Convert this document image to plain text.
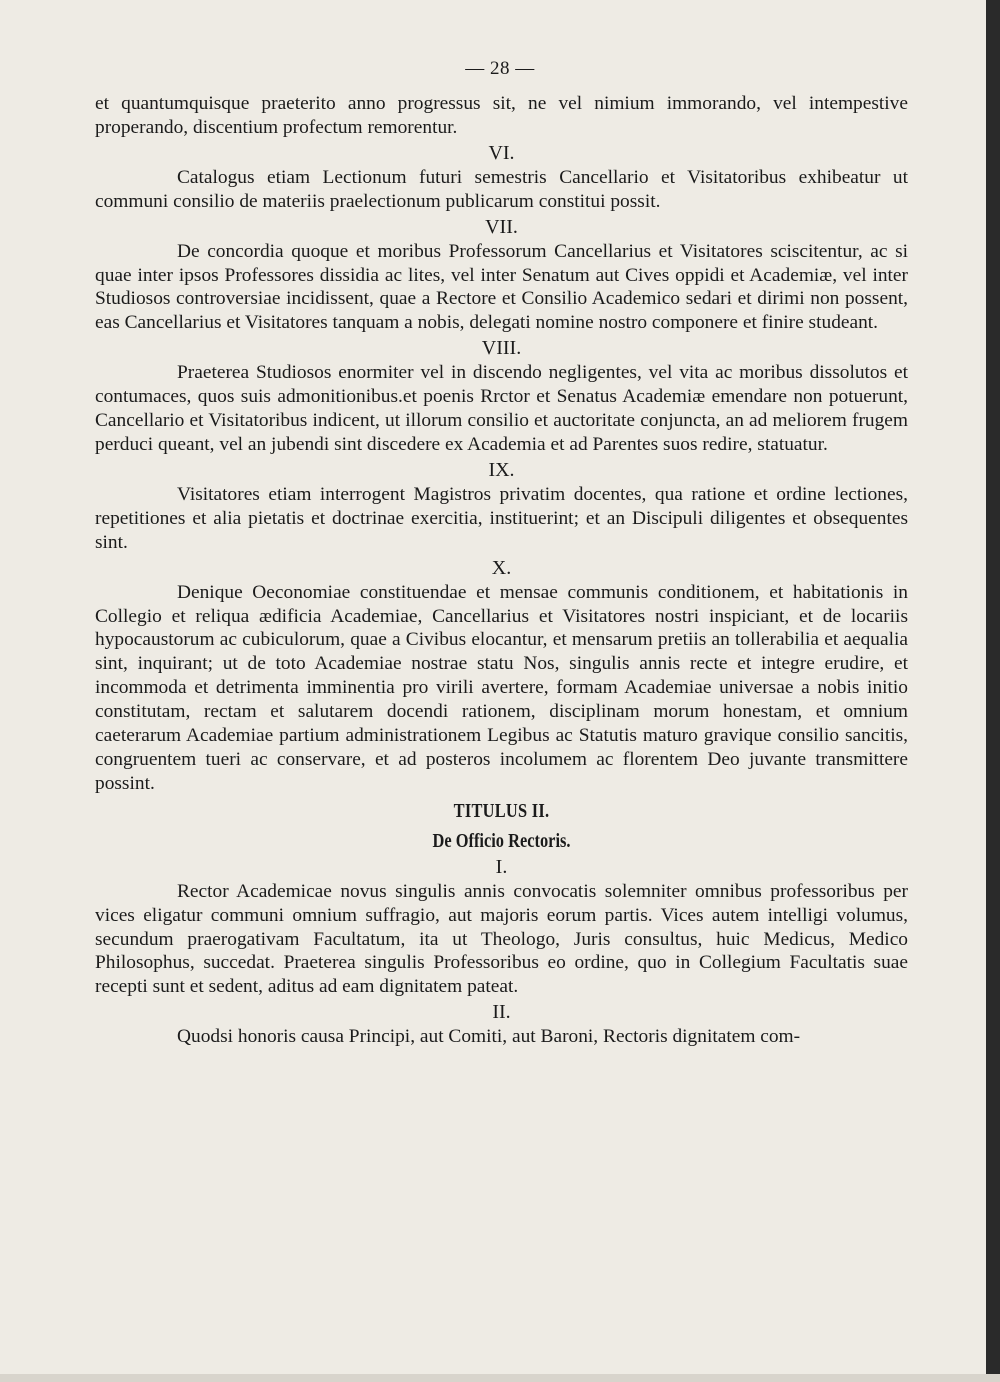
— 28 —

et quantumquisque praeterito anno progressus sit, ne vel nimium immorando, vel intempestive properando, discentium profectum remorentur.

VI.

Catalogus etiam Lectionum futuri semestris Cancellario et Visitatoribus exhibeatur ut communi consilio de materiis praelectionum publicarum constitui possit.

VII.

De concordia quoque et moribus Professorum Cancellarius et Visitatores sciscitentur, ac si quae inter ipsos Professores dissidia ac lites, vel inter Senatum aut Cives oppidi et Academiæ, vel inter Studiosos controversiae incidissent, quae a Rectore et Consilio Academico sedari et dirimi non possent, eas Cancellarius et Visitatores tanquam a nobis, delegati nomine nostro componere et finire studeant.

VIII.

Praeterea Studiosos enormiter vel in discendo negligentes, vel vita ac moribus dissolutos et contumaces, quos suis admonitionibus.et poenis Rrctor et Senatus Academiæ emendare non potuerunt, Cancellario et Visitatoribus indicent, ut illorum consilio et auctoritate conjuncta, an ad meliorem frugem perduci queant, vel an jubendi sint discedere ex Academia et ad Parentes suos redire, statuatur.

IX.

Visitatores etiam interrogent Magistros privatim docentes, qua ratione et ordine lectiones, repetitiones et alia pietatis et doctrinae exercitia, instituerint; et an Discipuli diligentes et obsequentes sint.

X.

Denique Oeconomiae constituendae et mensae communis conditionem, et habitationis in Collegio et reliqua ædificia Academiae, Cancellarius et Visitatores nostri inspiciant, et de locariis hypocaustorum ac cubiculorum, quae a Civibus elocantur, et mensarum pretiis an tollerabilia et aequalia sint, inquirant; ut de toto Academiae nostrae statu Nos, singulis annis recte et integre erudire, et incommoda et detrimenta imminentia pro virili avertere, formam Academiae universae a nobis initio constitutam, rectam et salutarem docendi rationem, disciplinam morum honestam, et omnium caeterarum Academiae partium administrationem Legibus ac Statutis maturo gravique consilio sancitis, congruentem tueri ac conservare, et ad posteros incolumem ac florentem Deo juvante transmittere possint.

TITULUS II.
De Officio Rectoris.
I.

Rector Academicae novus singulis annis convocatis solemniter omnibus professoribus per vices eligatur communi omnium suffragio, aut majoris eorum partis. Vices autem intelligi volumus, secundum praerogativam Facultatum, ita ut Theologo, Juris consultus, huic Medicus, Medico Philosophus, succedat. Praeterea singulis Professoribus eo ordine, quo in Collegium Facultatis suae recepti sunt et sedent, aditus ad eam dignitatem pateat.

II.

Quodsi honoris causa Principi, aut Comiti, aut Baroni, Rectoris dignitatem com-
